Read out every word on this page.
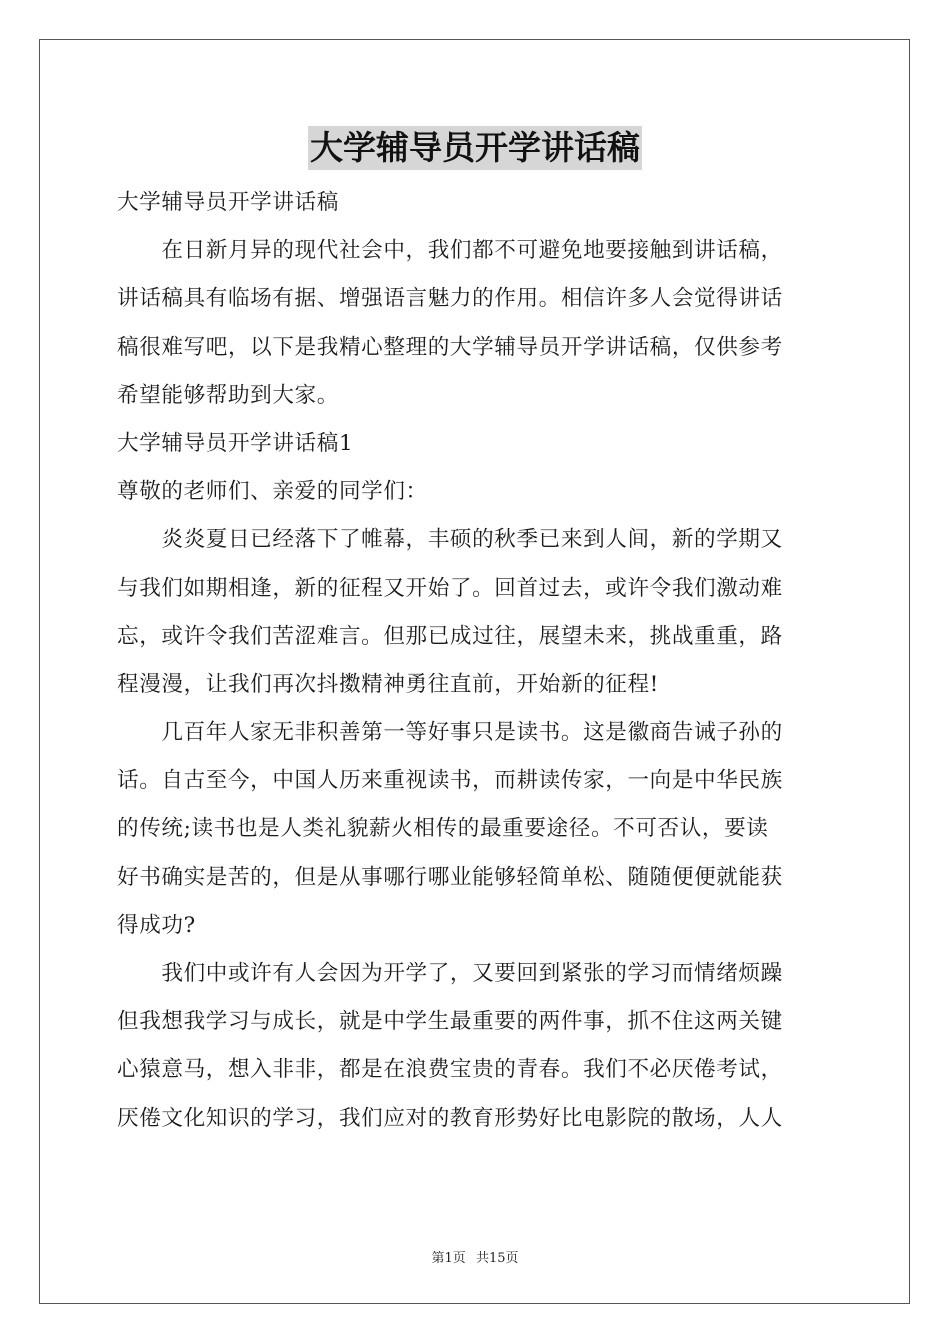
大学辅导员开学讲话稿
大学辅导员开学讲话稿
　　在日新月异的现代社会中，我们都不可避免地要接触到讲话稿，
讲话稿具有临场有据、增强语言魅力的作用。相信许多人会觉得讲话
稿很难写吧，以下是我精心整理的大学辅导员开学讲话稿，仅供参考
希望能够帮助到大家。
大学辅导员开学讲话稿1
尊敬的老师们、亲爱的同学们：
　　炎炎夏日已经落下了帷幕，丰硕的秋季已来到人间，新的学期又
与我们如期相逢，新的征程又开始了。回首过去，或许令我们激动难
忘，或许令我们苦涩难言。但那已成过往，展望未来，挑战重重，路
程漫漫，让我们再次抖擞精神勇往直前，开始新的征程!
　　几百年人家无非积善第一等好事只是读书。这是徽商告诫子孙的
话。自古至今，中国人历来重视读书，而耕读传家，一向是中华民族
的传统;读书也是人类礼貌薪火相传的最重要途径。不可否认，要读
好书确实是苦的，但是从事哪行哪业能够轻简单松、随随便便就能获
得成功?
　　我们中或许有人会因为开学了，又要回到紧张的学习而情绪烦躁
但我想我学习与成长，就是中学生最重要的两件事，抓不住这两关键
心猿意马，想入非非，都是在浪费宝贵的青春。我们不必厌倦考试，
厌倦文化知识的学习，我们应对的教育形势好比电影院的散场，人人
第1页 共15页
